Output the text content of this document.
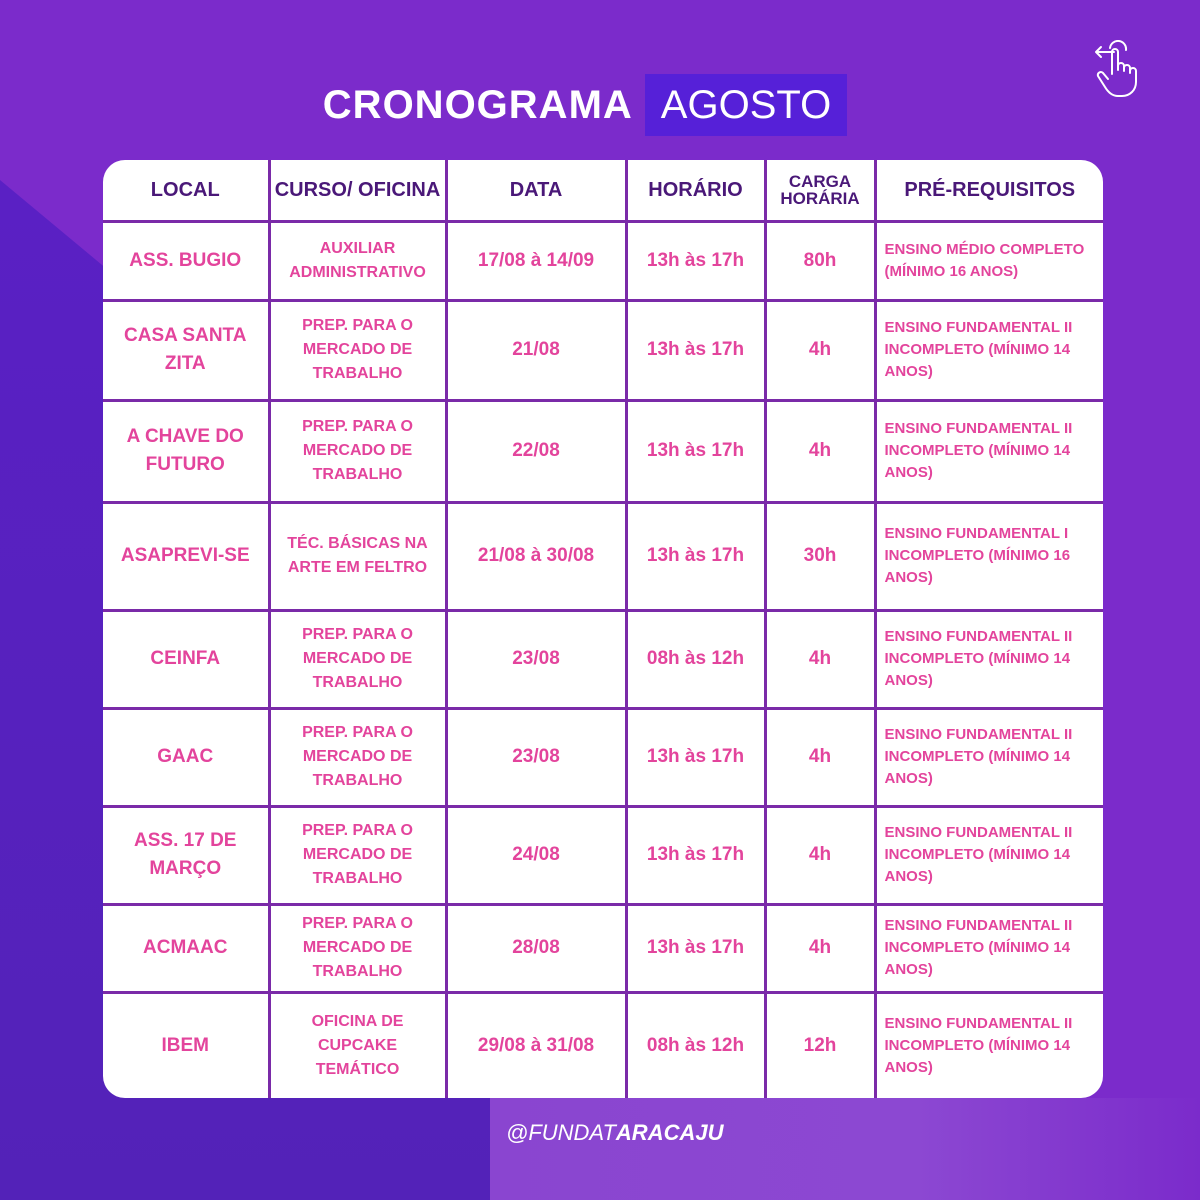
CRONOGRAMA AGOSTO
LOCAL	CURSO/ OFICINA	DATA	HORÁRIO	CARGA HORÁRIA	PRÉ-REQUISITOS
ASS. BUGIO	AUXILIAR ADMINISTRATIVO	17/08 à 14/09	13h às 17h	80h	ENSINO MÉDIO COMPLETO (MÍNIMO 16 ANOS)
CASA SANTA ZITA	PREP. PARA O MERCADO DE TRABALHO	21/08	13h às 17h	4h	ENSINO FUNDAMENTAL II INCOMPLETO (MÍNIMO 14 ANOS)
A CHAVE DO FUTURO	PREP. PARA O MERCADO DE TRABALHO	22/08	13h às 17h	4h	ENSINO FUNDAMENTAL II INCOMPLETO (MÍNIMO 14 ANOS)
ASAPREVI-SE	TÉC. BÁSICAS NA ARTE EM FELTRO	21/08 à 30/08	13h às 17h	30h	ENSINO FUNDAMENTAL I INCOMPLETO (MÍNIMO 16 ANOS)
CEINFA	PREP. PARA O MERCADO DE TRABALHO	23/08	08h às 12h	4h	ENSINO FUNDAMENTAL II INCOMPLETO (MÍNIMO 14 ANOS)
GAAC	PREP. PARA O MERCADO DE TRABALHO	23/08	13h às 17h	4h	ENSINO FUNDAMENTAL II INCOMPLETO (MÍNIMO 14 ANOS)
ASS. 17 DE MARÇO	PREP. PARA O MERCADO DE TRABALHO	24/08	13h às 17h	4h	ENSINO FUNDAMENTAL II INCOMPLETO (MÍNIMO 14 ANOS)
ACMAAC	PREP. PARA O MERCADO DE TRABALHO	28/08	13h às 17h	4h	ENSINO FUNDAMENTAL II INCOMPLETO (MÍNIMO 14 ANOS)
IBEM	OFICINA DE CUPCAKE TEMÁTICO	29/08 à 31/08	08h às 12h	12h	ENSINO FUNDAMENTAL II INCOMPLETO (MÍNIMO 14 ANOS)
@FUNDATARACAJU
